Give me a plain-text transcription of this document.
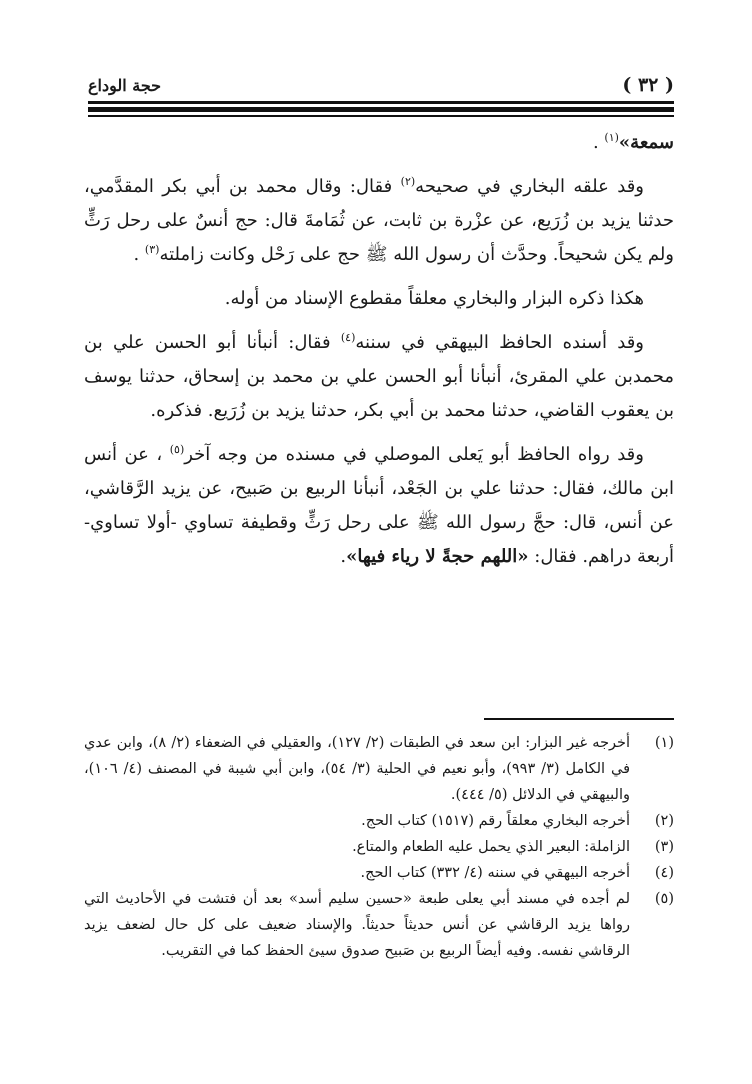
حجة الوداع	( ٣٢ )

سمعة»$^{(١)}$ .

وقد علقه البخاري في صحيحه$^{(٢)}$ فقال: وقال محمد بن أبي بكر المقدَّمي، حدثنا يزيد بن زُرَيع، عن عزْرة بن ثابت، عن ثُمَامةَ قال: حج أنسٌ على رحل رَثٍّ ولم يكن شحيحاً. وحدَّث أن رسول الله ﷺ حج على رَحْل وكانت زاملته$^{(٣)}$ .

هكذا ذكره البزار والبخاري معلقاً مقطوع الإسناد من أوله.

وقد أسنده الحافظ البيهقي في سننه$^{(٤)}$ فقال: أنبأنا أبو الحسن علي بن محمدبن علي المقرئ، أنبأنا أبو الحسن علي بن محمد بن إسحاق، حدثنا يوسف بن يعقوب القاضي، حدثنا محمد بن أبي بكر، حدثنا يزيد بن زُرَيع. فذكره.

وقد رواه الحافظ أبو يَعلى الموصلي في مسنده من وجه آخر$^{(٥)}$ ، عن أنس ابن مالك، فقال: حدثنا علي بن الجَعْد، أنبأنا الربيع بن صَبيح، عن يزيد الرَّقاشي، عن أنس، قال: حجَّ رسول الله ﷺ على رحل رَثٍّ وقطيفة تساوي -أولا تساوي- أربعة دراهم. فقال: «اللهم حجةً لا رياء فيها».

(١)
أخرجه غير البزار: ابن سعد في الطبقات (٢/ ١٢٧)، والعقيلي في الضعفاء (٢/ ٨)، وابن عدي في الكامل (٣/ ٩٩٣)، وأبو نعيم في الحلية (٣/ ٥٤)، وابن أبي شيبة في المصنف (٤/ ١٠٦)، والبيهقي في الدلائل (٥/ ٤٤٤).
(٢)
أخرجه البخاري معلقاً رقم (١٥١٧) كتاب الحج.
(٣)
الزاملة: البعير الذي يحمل عليه الطعام والمتاع.
(٤)
أخرجه البيهقي في سننه (٤/ ٣٣٢) كتاب الحج.
(٥)
لم أجده في مسند أبي يعلى طبعة «حسين سليم أسد» بعد أن فتشت في الأحاديث التي رواها يزيد الرقاشي عن أنس حديثاً حديثاً. والإسناد ضعيف على كل حال لضعف يزيد الرقاشي نفسه. وفيه أيضاً الربيع بن صَبيح صدوق سيئ الحفظ كما في التقريب.
